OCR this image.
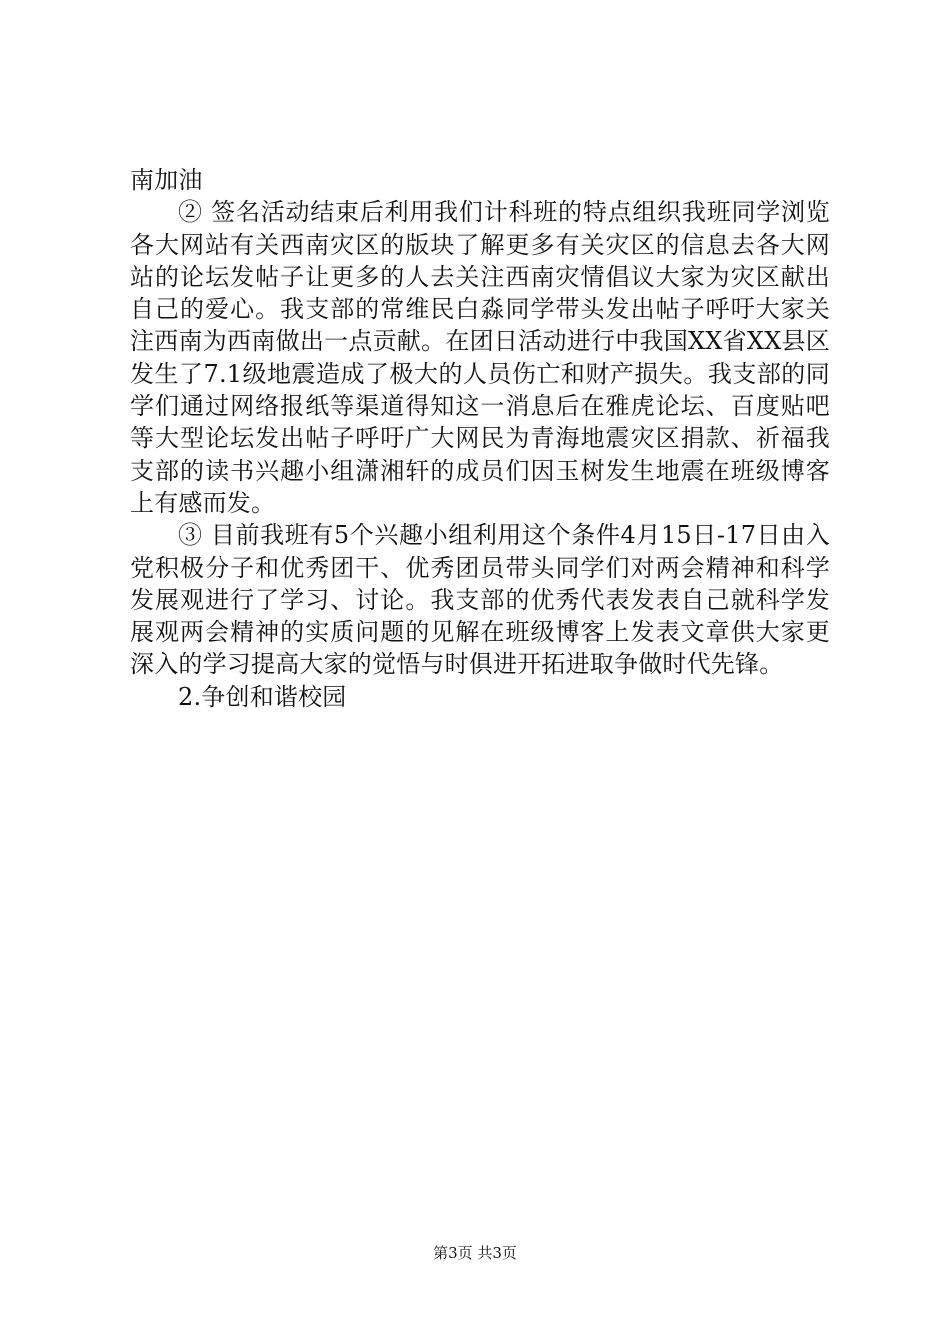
南加油

② 签名活动结束后利用我们计科班的特点组织我班同学浏览各大网站有关西南灾区的版块了解更多有关灾区的信息去各大网站的论坛发帖子让更多的人去关注西南灾情倡议大家为灾区献出自己的爱心。我支部的常维民白淼同学带头发出帖子呼吁大家关注西南为西南做出一点贡献。在团日活动进行中我国XX省XX县区发生了7.1级地震造成了极大的人员伤亡和财产损失。我支部的同学们通过网络报纸等渠道得知这一消息后在雅虎论坛、百度贴吧等大型论坛发出帖子呼吁广大网民为青海地震灾区捐款、祈福我支部的读书兴趣小组潇湘轩的成员们因玉树发生地震在班级博客上有感而发。

③ 目前我班有5个兴趣小组利用这个条件4月15日-17日由入党积极分子和优秀团干、优秀团员带头同学们对两会精神和科学发展观进行了学习、讨论。我支部的优秀代表发表自己就科学发展观两会精神的实质问题的见解在班级博客上发表文章供大家更深入的学习提高大家的觉悟与时俱进开拓进取争做时代先锋。

2.争创和谐校园

第3页 共3页
